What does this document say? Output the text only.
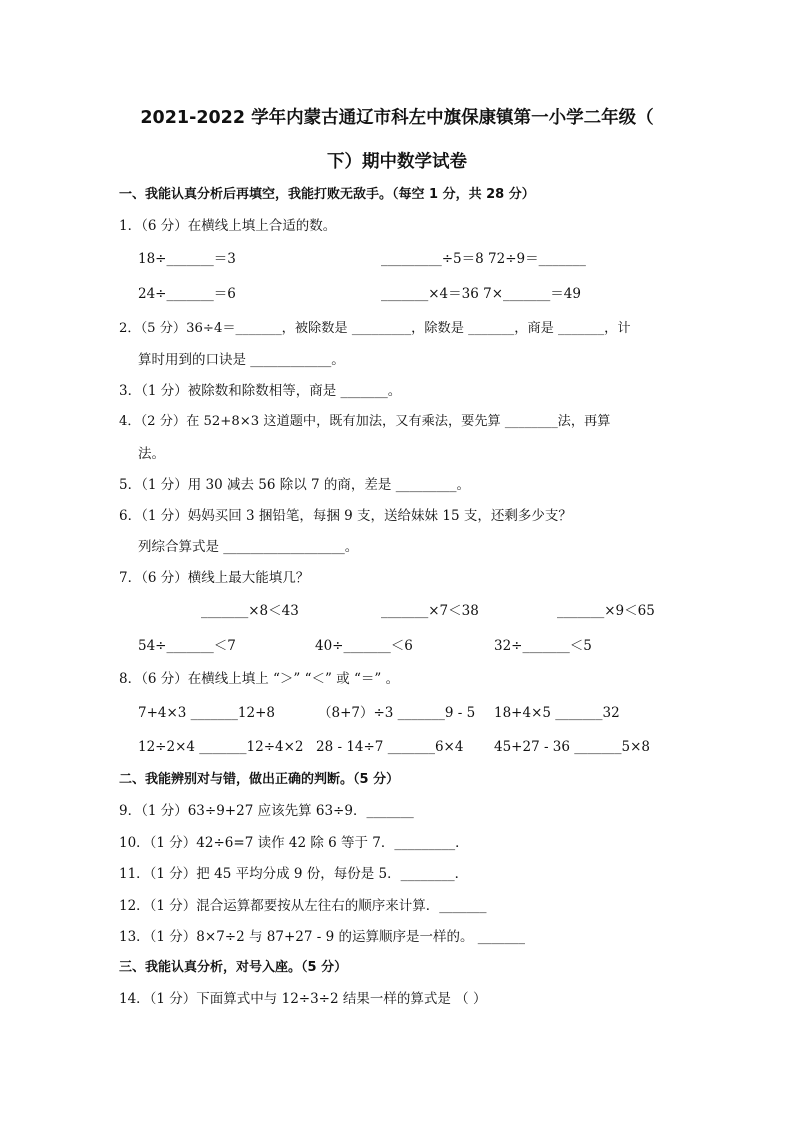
2021-2022 学年内蒙古通辽市科左中旗保康镇第一小学二年级（
下）期中数学试卷
一、我能认真分析后再填空，我能打败无敌手。（每空 1 分，共 28 分）
1．（6 分）在横线上填上合适的数。
18÷_______＝3	_________÷5＝8 72÷9＝_______
24÷_______＝6	_______×4＝36 7×_______＝49
2．（5 分）36÷4＝_______，被除数是 _________，除数是 _______，商是 _______，计
算时用到的口诀是 ____________。
3．（1 分）被除数和除数相等，商是 _______。
4．（2 分）在 52+8×3 这道题中，既有加法，又有乘法，要先算 ________法，再算
法。
5．（1 分）用 30 减去 56 除以 7 的商，差是 _________。
6．（1 分）妈妈买回 3 捆铅笔，每捆 9 支，送给妹妹 15 支，还剩多少支？
列综合算式是 __________________。
7．（6 分）横线上最大能填几？
_______×8＜43	_______×7＜38	_______×9＜65
54÷_______＜7	40÷_______＜6	32÷_______＜5
8．（6 分）在横线上填上 “＞” “＜” 或 “＝” 。
7+4×3 _______12+8	（8+7）÷3 _______9 - 5 18+4×5 _______32
12÷2×4 _______12÷4×2 28 - 14÷7 _______6×4 45+27 - 36 _______5×8
二、我能辨别对与错，做出正确的判断。（5 分）
9．（1 分）63÷9+27 应该先算 63÷9．_______
10．（1 分）42÷6=7 读作 42 除 6 等于 7．_________．
11．（1 分）把 45 平均分成 9 份，每份是 5．________．
12．（1 分）混合运算都要按从左往右的顺序来计算．_______
13．（1 分）8×7÷2 与 87+27 - 9 的运算顺序是一样的。 _______
三、我能认真分析，对号入座。（5 分）
14．（1 分）下面算式中与 12÷3÷2 结果一样的算式是 （ ）
